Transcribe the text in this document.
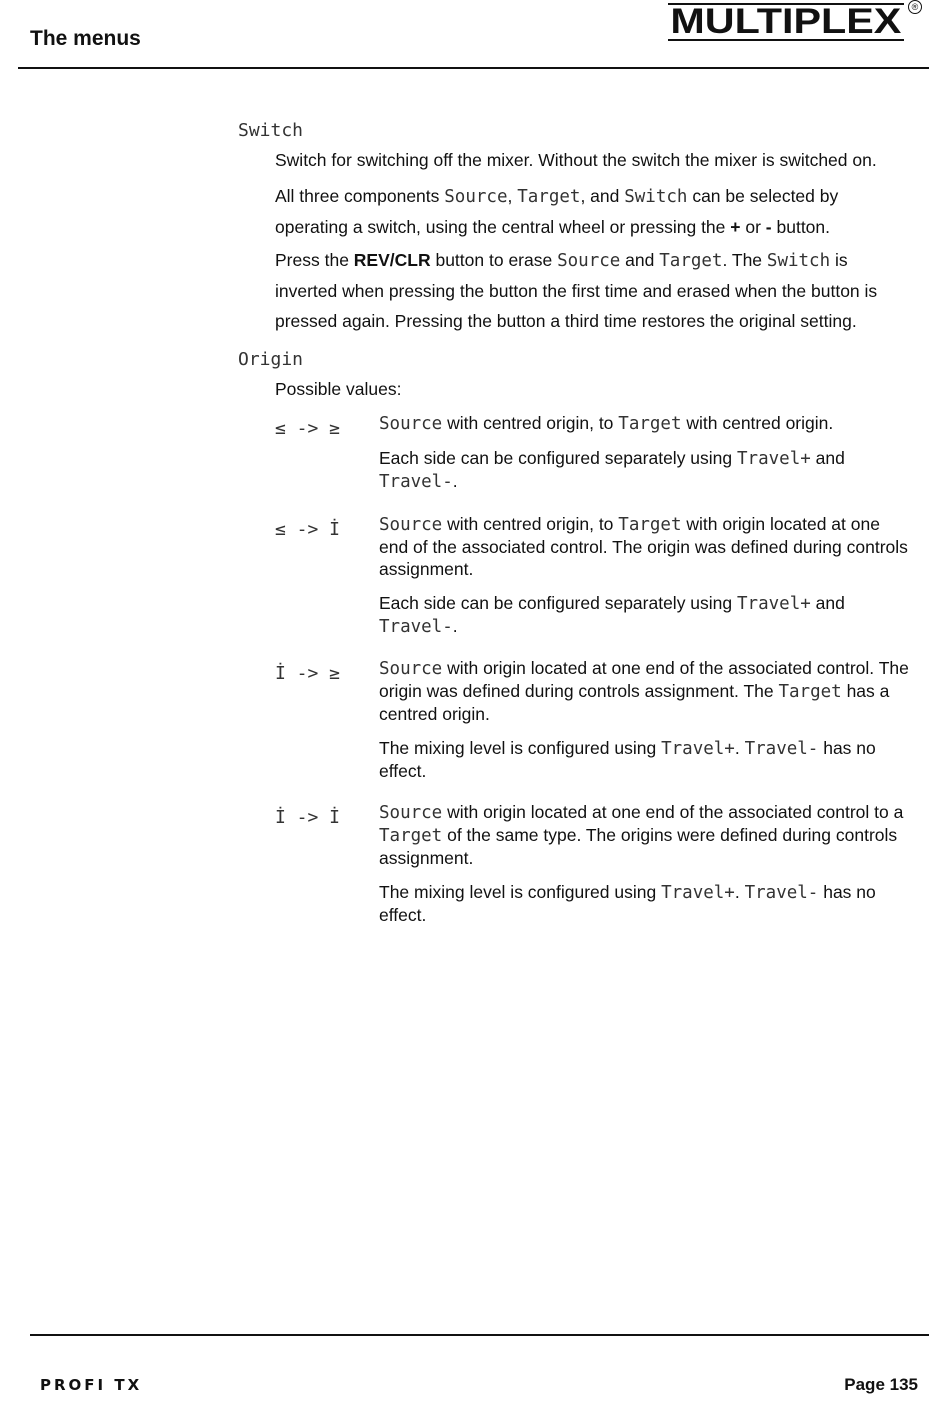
The menus	MULTIPLEX	®
Switch
Switch for switching off the mixer. Without the switch the mixer is switched on.
All three components Source, Target, and Switch can be selected by
operating a switch, using the central wheel or pressing the + or - button.
Press the REV/CLR button to erase Source and Target. The Switch is
inverted when pressing the button the first time and erased when the button is
pressed again. Pressing the button a third time restores the original setting.
Origin
Possible values:
≤ -> ≥ Source with centred origin, to Target with centred origin.
Each side can be configured separately using Travel+ and
Travel-.
≤ -> İ Source with centred origin, to Target with origin located at one end of the associated control. The origin was defined during controls assignment.
Each side can be configured separately using Travel+ and
Travel-.
İ -> ≥ Source with origin located at one end of the associated control. The origin was defined during controls assignment. The Target has a centred origin.
The mixing level is configured using Travel+. Travel- has no effect.
İ -> İ Source with origin located at one end of the associated control to a Target of the same type. The origins were defined during controls assignment.
The mixing level is configured using Travel+. Travel- has no effect.
PROFI TX	Page 135
